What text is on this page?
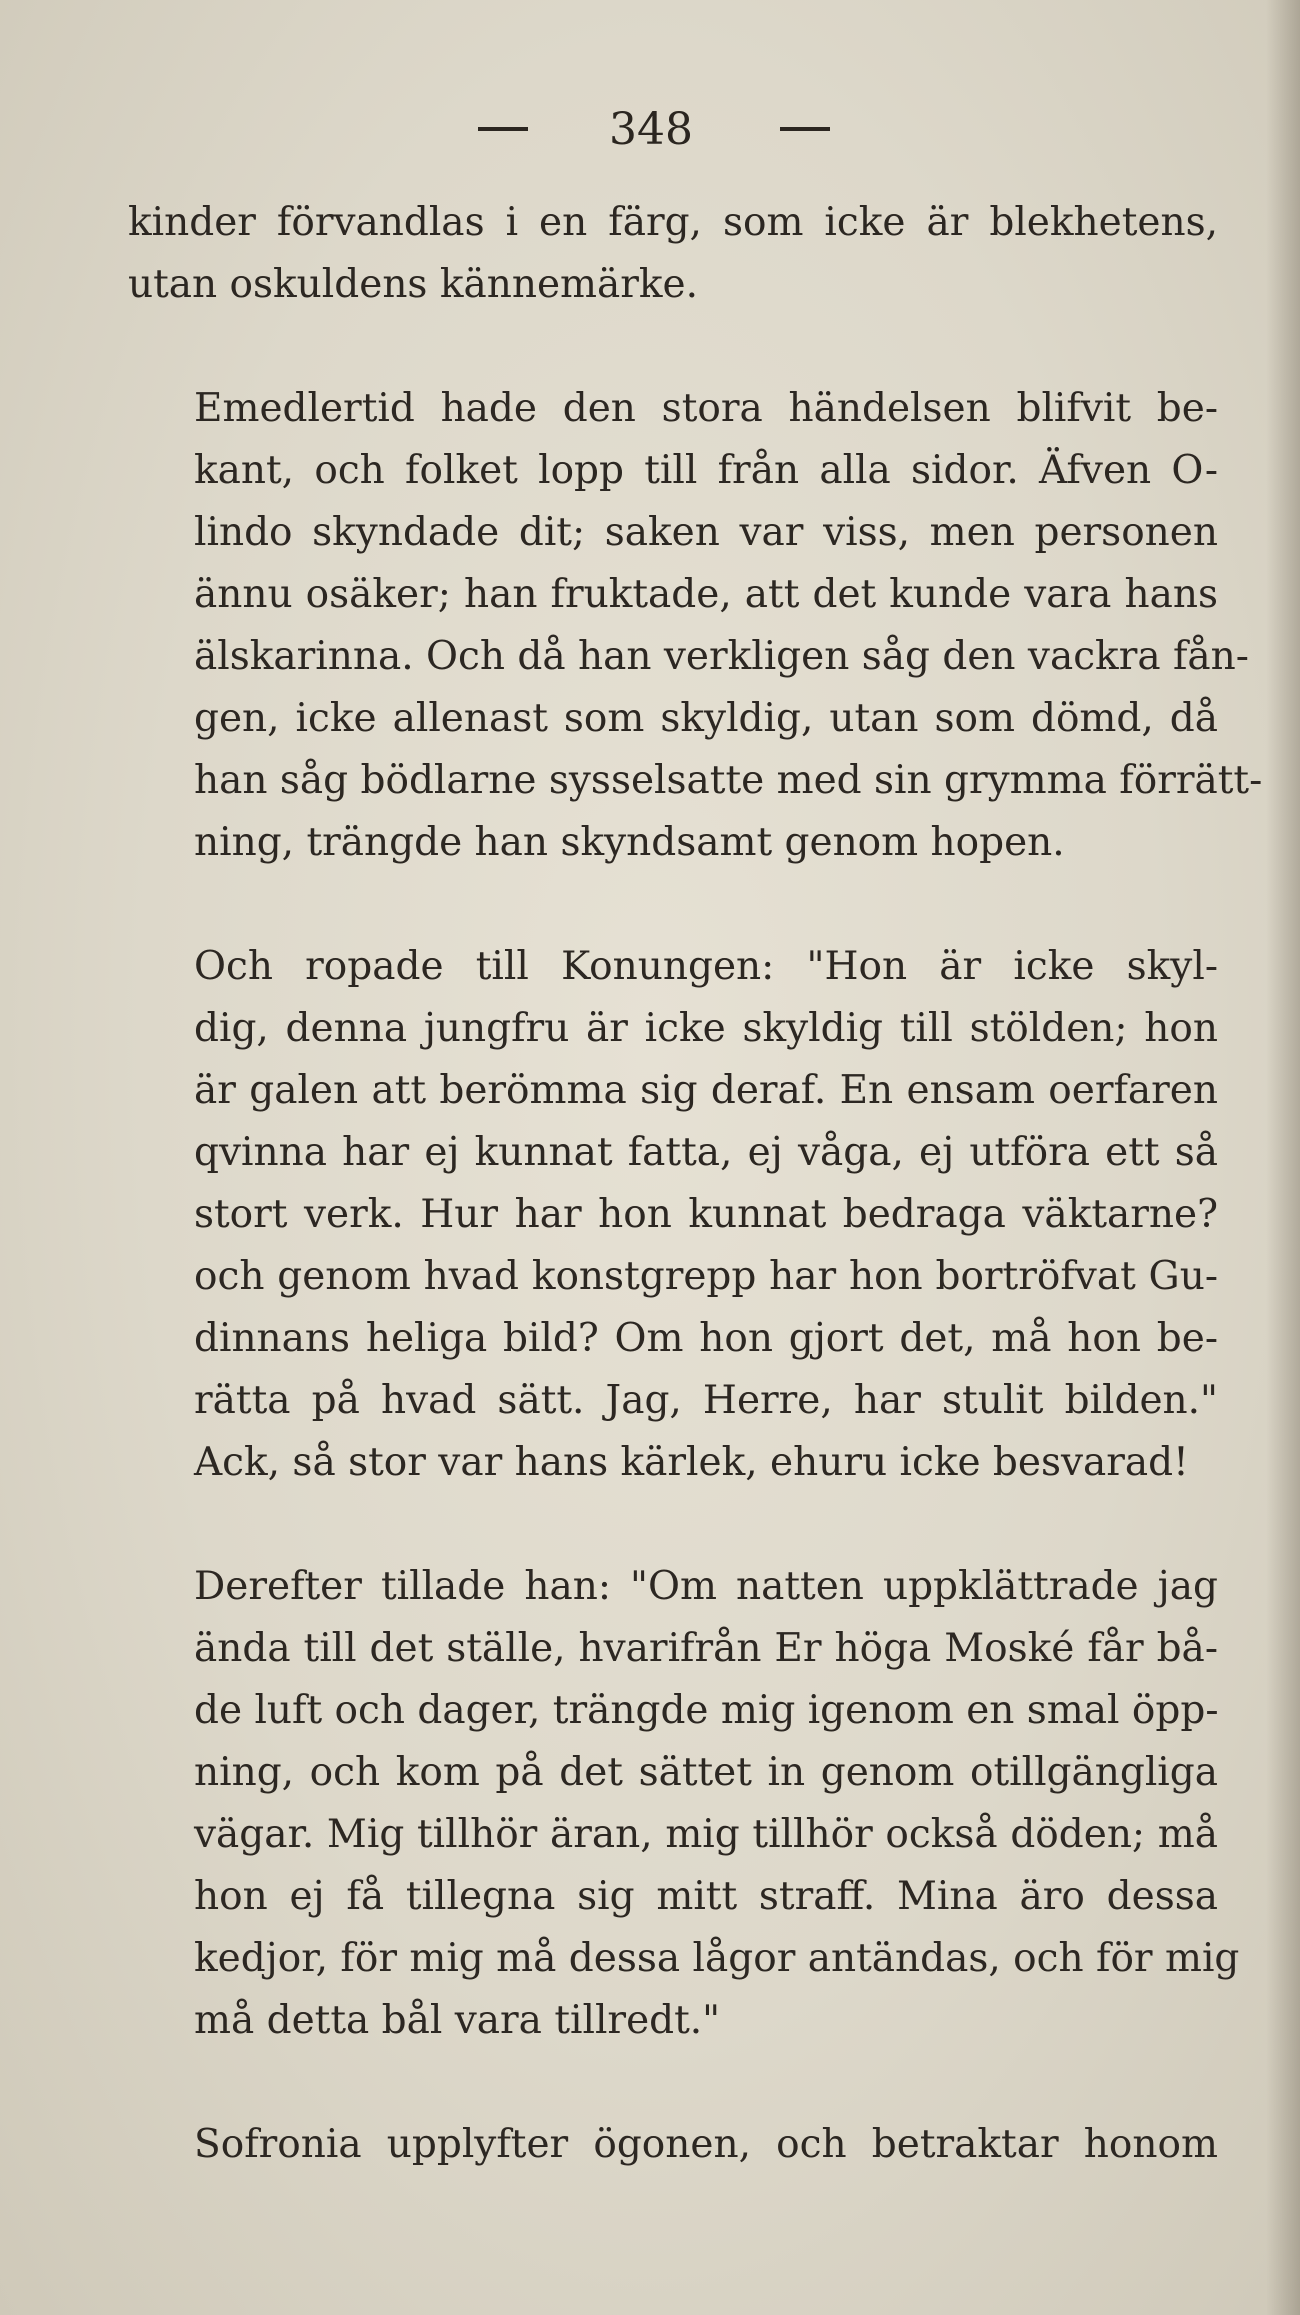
348

kinder förvandlas i en färg, som icke är blekhetens,
utan oskuldens kännemärke.

Emedlertid hade den stora händelsen blifvit be-
kant, och folket lopp till från alla sidor. Äfven O-
lindo skyndade dit; saken var viss, men personen
ännu osäker; han fruktade, att det kunde vara hans
älskarinna. Och då han verkligen såg den vackra fån-
gen, icke allenast som skyldig, utan som dömd, då
han såg bödlarne sysselsatte med sin grymma förrätt-
ning, trängde han skyndsamt genom hopen.

Och ropade till Konungen: "Hon är icke skyl-
dig, denna jungfru är icke skyldig till stölden; hon
är galen att berömma sig deraf. En ensam oerfaren
qvinna har ej kunnat fatta, ej våga, ej utföra ett så
stort verk. Hur har hon kunnat bedraga väktarne?
och genom hvad konstgrepp har hon bortröfvat Gu-
dinnans heliga bild? Om hon gjort det, må hon be-
rätta på hvad sätt. Jag, Herre, har stulit bilden."
Ack, så stor var hans kärlek, ehuru icke besvarad!

Derefter tillade han: "Om natten uppklättrade jag
ända till det ställe, hvarifrån Er höga Moské får bå-
de luft och dager, trängde mig igenom en smal öpp-
ning, och kom på det sättet in genom otillgängliga
vägar. Mig tillhör äran, mig tillhör också döden; må
hon ej få tillegna sig mitt straff. Mina äro dessa
kedjor, för mig må dessa lågor antändas, och för mig
må detta bål vara tillredt."

Sofronia upplyfter ögonen, och betraktar honom
